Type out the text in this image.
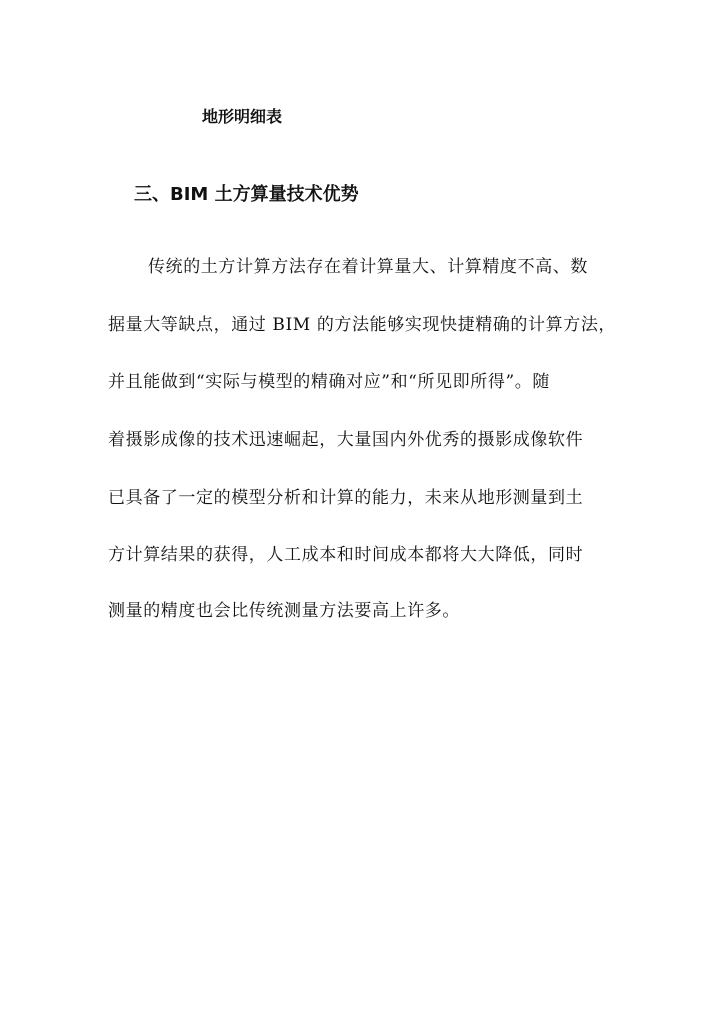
地形明细表
三、BIM 土方算量技术优势
传统的土方计算方法存在着计算量大、计算精度不高、数
据量大等缺点，通过 BIM 的方法能够实现快捷精确的计算方法，
并且能做到“实际与模型的精确对应”和“所见即所得”。随
着摄影成像的技术迅速崛起，大量国内外优秀的摄影成像软件
已具备了一定的模型分析和计算的能力，未来从地形测量到土
方计算结果的获得，人工成本和时间成本都将大大降低，同时
测量的精度也会比传统测量方法要高上许多。
